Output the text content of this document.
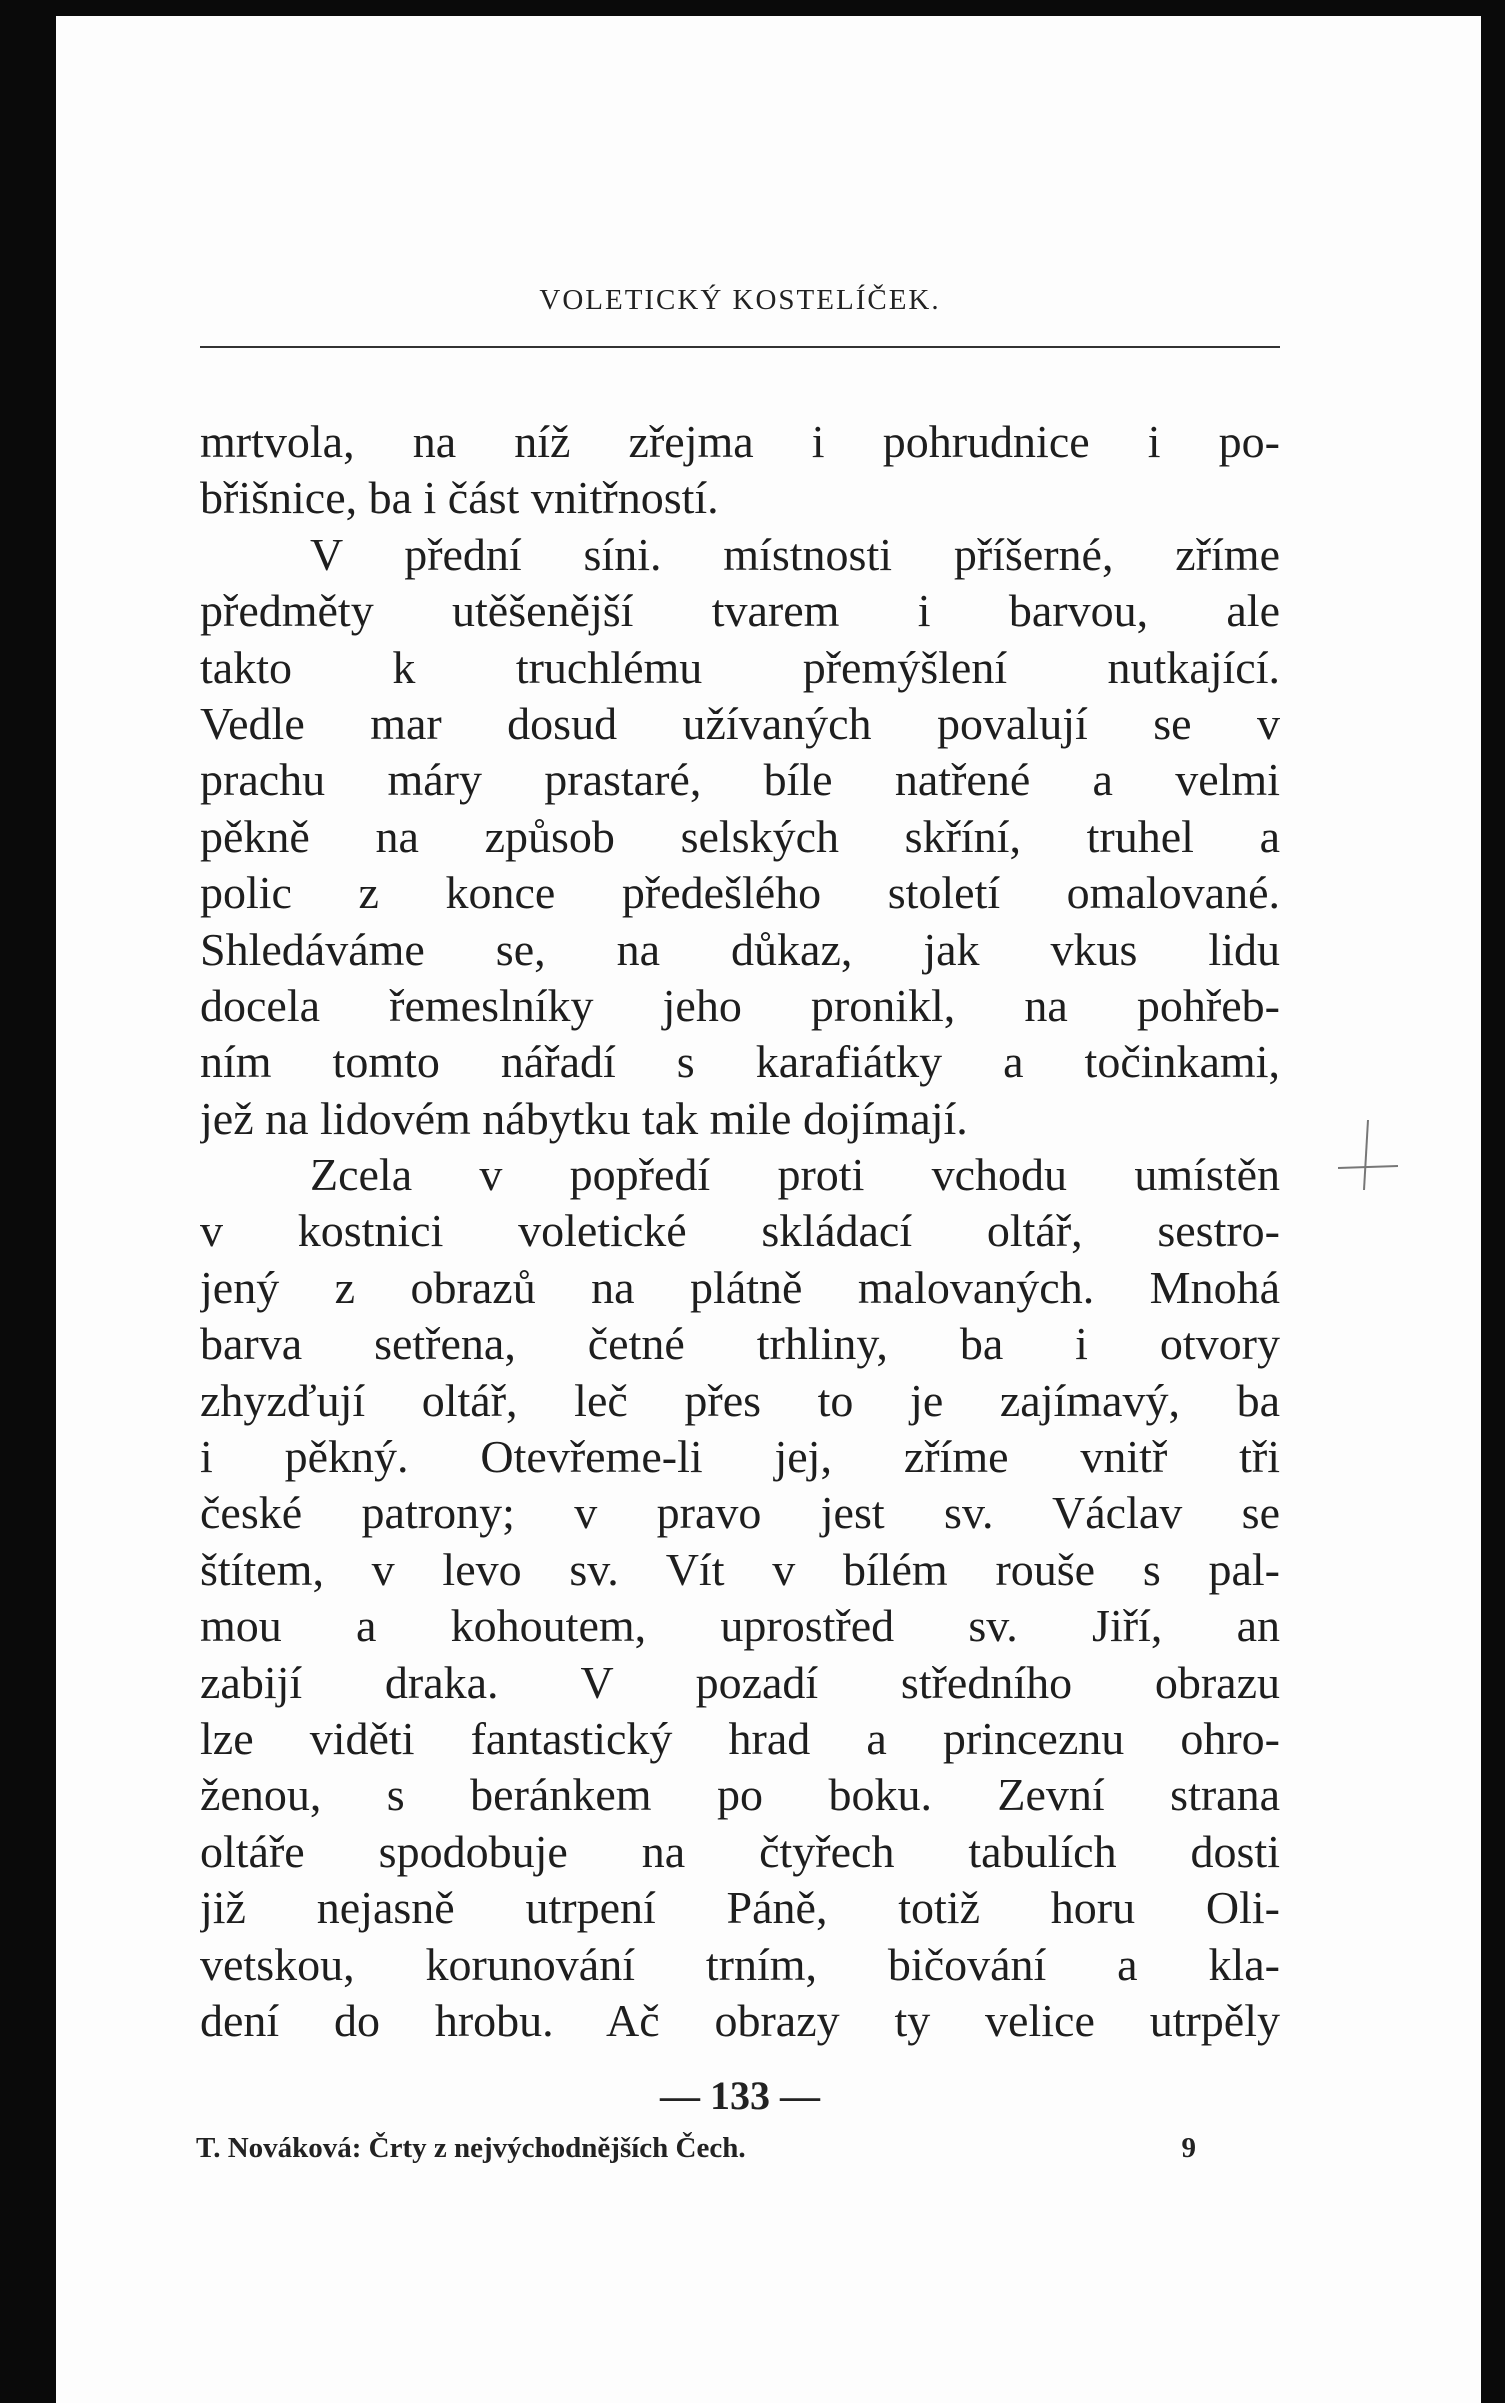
VOLETICKÝ KOSTELÍČEK.
mrtvola, na níž zřejma i pohrudnice i po-
břišnice, ba i část vnitřností.
V přední síni. místnosti příšerné, zříme
předměty utěšenější tvarem i barvou, ale
takto k truchlému přemýšlení nutkající.
Vedle mar dosud užívaných povalují se v
prachu máry prastaré, bíle natřené a velmi
pěkně na způsob selských skříní, truhel a
polic z konce předešlého století omalované.
Shledáváme se, na důkaz, jak vkus lidu
docela řemeslníky jeho pronikl, na pohřeb-
ním tomto nářadí s karafiátky a točinkami,
jež na lidovém nábytku tak mile dojímají.
Zcela v popředí proti vchodu umístěn
v kostnici voletické skládací oltář, sestro-
jený z obrazů na plátně malovaných. Mnohá
barva setřena, četné trhliny, ba i otvory
zhyzďují oltář, leč přes to je zajímavý, ba
i pěkný. Otevřeme-li jej, zříme vnitř tři
české patrony; v pravo jest sv. Václav se
štítem, v levo sv. Vít v bílém rouše s pal-
mou a kohoutem, uprostřed sv. Jiří, an
zabijí draka. V pozadí středního obrazu
lze viděti fantastický hrad a princeznu ohro-
ženou, s beránkem po boku. Zevní strana
oltáře spodobuje na čtyřech tabulích dosti
již nejasně utrpení Páně, totiž horu Oli-
vetskou, korunování trním, bičování a kla-
dení do hrobu. Ač obrazy ty velice utrpěly
— 133 —
T. Nováková: Črty z nejvýchodnějších Čech.	9
